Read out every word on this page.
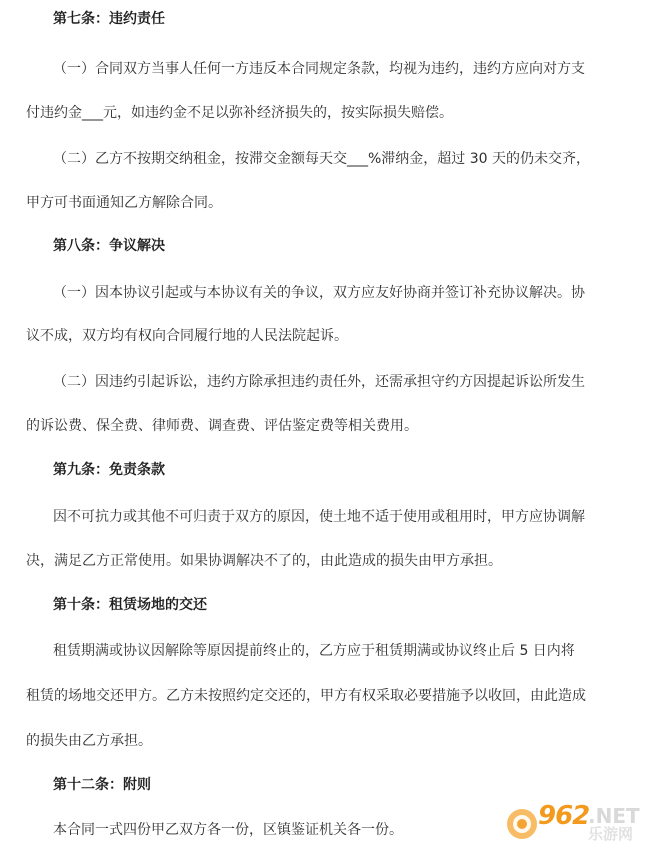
第七条：违约责任
（一）合同双方当事人任何一方违反本合同规定条款，均视为违约，违约方应向对方支
付违约金___元，如违约金不足以弥补经济损失的，按实际损失赔偿。
（二）乙方不按期交纳租金，按滞交金额每天交___%滞纳金，超过 30 天的仍未交齐，
甲方可书面通知乙方解除合同。
第八条：争议解决
（一）因本协议引起或与本协议有关的争议，双方应友好协商并签订补充协议解决。协
议不成，双方均有权向合同履行地的人民法院起诉。
（二）因违约引起诉讼，违约方除承担违约责任外，还需承担守约方因提起诉讼所发生
的诉讼费、保全费、律师费、调查费、评估鉴定费等相关费用。
第九条：免责条款
因不可抗力或其他不可归责于双方的原因，使土地不适于使用或租用时，甲方应协调解
决，满足乙方正常使用。如果协调解决不了的，由此造成的损失由甲方承担。
第十条：租赁场地的交还
租赁期满或协议因解除等原因提前终止的，乙方应于租赁期满或协议终止后 5 日内将
租赁的场地交还甲方。乙方未按照约定交还的，甲方有权采取必要措施予以收回，由此造成
的损失由乙方承担。
第十二条：附则
本合同一式四份甲乙双方各一份，区镇鉴证机关各一份。	962
.NET
乐游网
